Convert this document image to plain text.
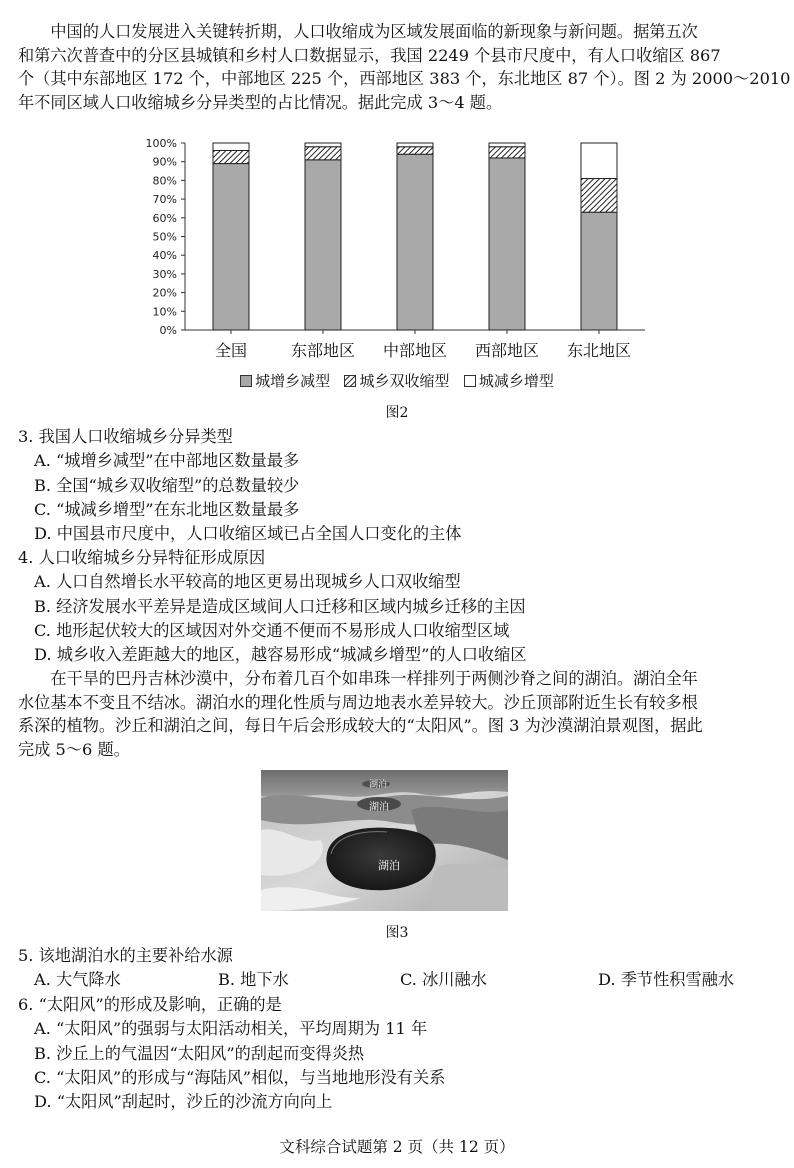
　　中国的人口发展进入关键转折期，人口收缩成为区域发展面临的新现象与新问题。据第五次
和第六次普查中的分区县城镇和乡村人口数据显示，我国 2249 个县市尺度中，有人口收缩区 867
个（其中东部地区 172 个，中部地区 225 个，西部地区 383 个，东北地区 87 个）。图 2 为 2000～2010
年不同区域人口收缩城乡分异类型的占比情况。据此完成 3～4 题。
0%
10%
20%
30%
40%
50%
60%
70%
80%
90%
100%
全国	东部地区 中部地区 西部地区 东北地区
城增乡减型 城乡双收缩型 城减乡增型
图2
3. 我国人口收缩城乡分异类型
A. “城增乡减型”在中部地区数量最多
B. 全国“城乡双收缩型”的总数量较少
C. “城减乡增型”在东北地区数量最多
D. 中国县市尺度中，人口收缩区域已占全国人口变化的主体
4. 人口收缩城乡分异特征形成原因
A. 人口自然增长水平较高的地区更易出现城乡人口双收缩型
B. 经济发展水平差异是造成区域间人口迁移和区域内城乡迁移的主因
C. 地形起伏较大的区域因对外交通不便而不易形成人口收缩型区域
D. 城乡收入差距越大的地区，越容易形成“城减乡增型”的人口收缩区
　　在干旱的巴丹吉林沙漠中，分布着几百个如串珠一样排列于两侧沙脊之间的湖泊。湖泊全年
水位基本不变且不结冰。湖泊水的理化性质与周边地表水差异较大。沙丘顶部附近生长有较多根
系深的植物。沙丘和湖泊之间，每日午后会形成较大的“太阳风”。图 3 为沙漠湖泊景观图，据此
完成 5～6 题。
湖泊
湖泊
湖泊
图3
5. 该地湖泊水的主要补给水源
A. 大气降水	B. 地下水	C. 冰川融水	D. 季节性积雪融水
6. “太阳风”的形成及影响，正确的是
A. “太阳风”的强弱与太阳活动相关，平均周期为 11 年
B. 沙丘上的气温因“太阳风”的刮起而变得炎热
C. “太阳风”的形成与“海陆风”相似，与当地地形没有关系
D. “太阳风”刮起时，沙丘的沙流方向向上
文科综合试题第 2 页（共 12 页）
